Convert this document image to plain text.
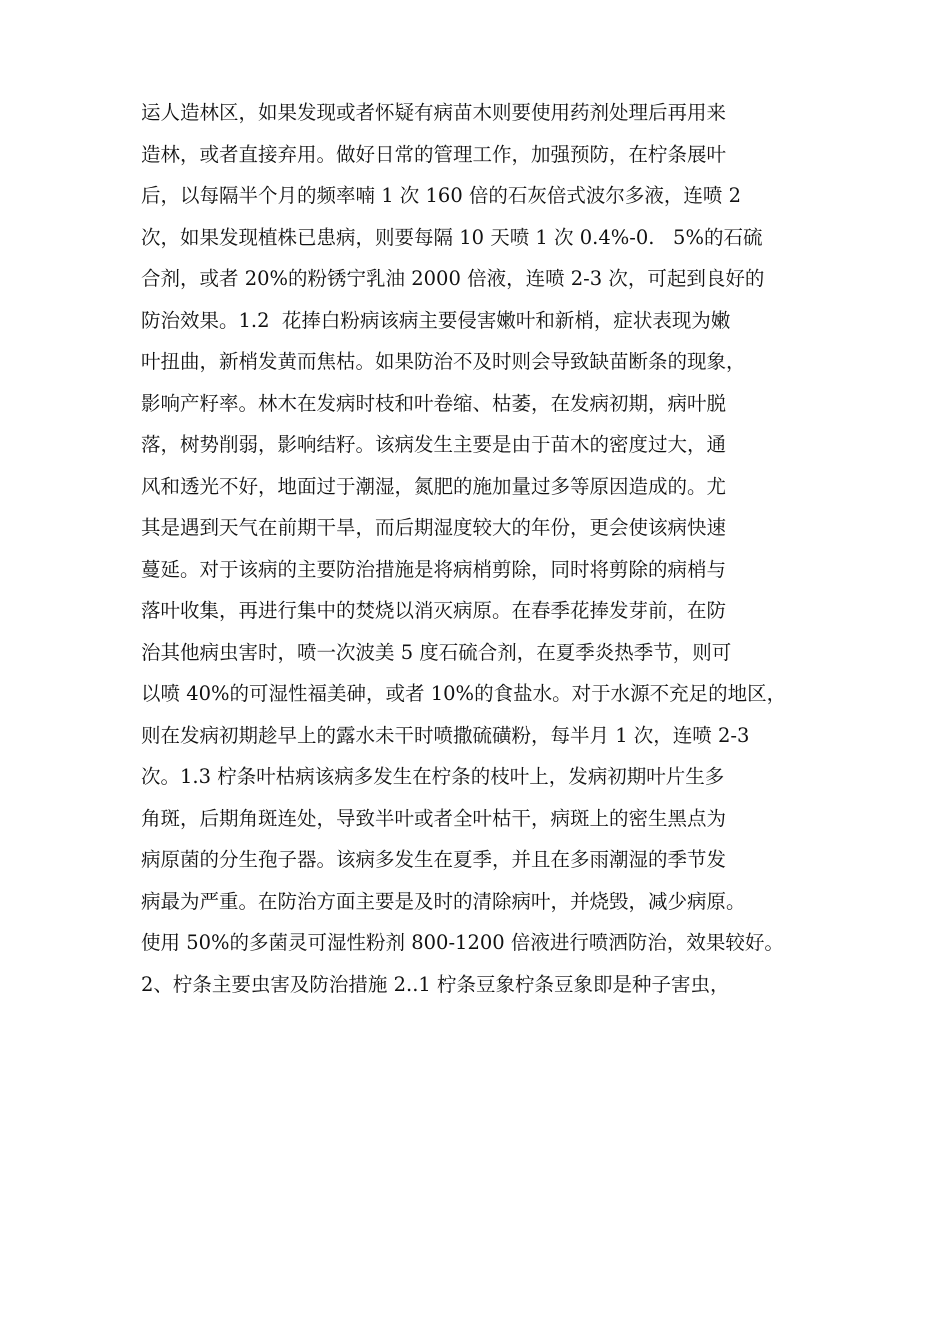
运人造林区，如果发现或者怀疑有病苗木则要使用药剂处理后再用来
造林，或者直接弃用。做好日常的管理工作，加强预防，在柠条展叶
后，以每隔半个月的频率喃 1 次 160 倍的石灰倍式波尔多液，连喷 2
次，如果发现植株已患病，则要每隔 10 天喷 1 次 0.4%-0.   5%的石硫
合剂，或者 20%的粉锈宁乳油 2000 倍液，连喷 2-3 次，可起到良好的
防治效果。1.2  花捧白粉病该病主要侵害嫩叶和新梢，症状表现为嫩
叶扭曲，新梢发黄而焦枯。如果防治不及时则会导致缺苗断条的现象，
影响产籽率。林木在发病时枝和叶卷缩、枯萎，在发病初期，病叶脱
落，树势削弱，影响结籽。该病发生主要是由于苗木的密度过大，通
风和透光不好，地面过于潮湿，氮肥的施加量过多等原因造成的。尤
其是遇到天气在前期干旱，而后期湿度较大的年份，更会使该病快速
蔓延。对于该病的主要防治措施是将病梢剪除，同时将剪除的病梢与
落叶收集，再进行集中的焚烧以消灭病原。在春季花捧发芽前，在防
治其他病虫害时，喷一次波美 5 度石硫合剂，在夏季炎热季节，则可
以喷 40%的可湿性福美砷，或者 10%的食盐水。对于水源不充足的地区，
则在发病初期趁早上的露水未干时喷撒硫磺粉，每半月 1 次，连喷 2-3
次。1.3 柠条叶枯病该病多发生在柠条的枝叶上，发病初期叶片生多
角斑，后期角斑连处，导致半叶或者全叶枯干，病斑上的密生黑点为
病原菌的分生孢子器。该病多发生在夏季，并且在多雨潮湿的季节发
病最为严重。在防治方面主要是及时的清除病叶，并烧毁，减少病原。
使用 50%的多菌灵可湿性粉剂 800-1200 倍液进行喷洒防治，效果较好。
2、柠条主要虫害及防治措施 2..1 柠条豆象柠条豆象即是种子害虫，
